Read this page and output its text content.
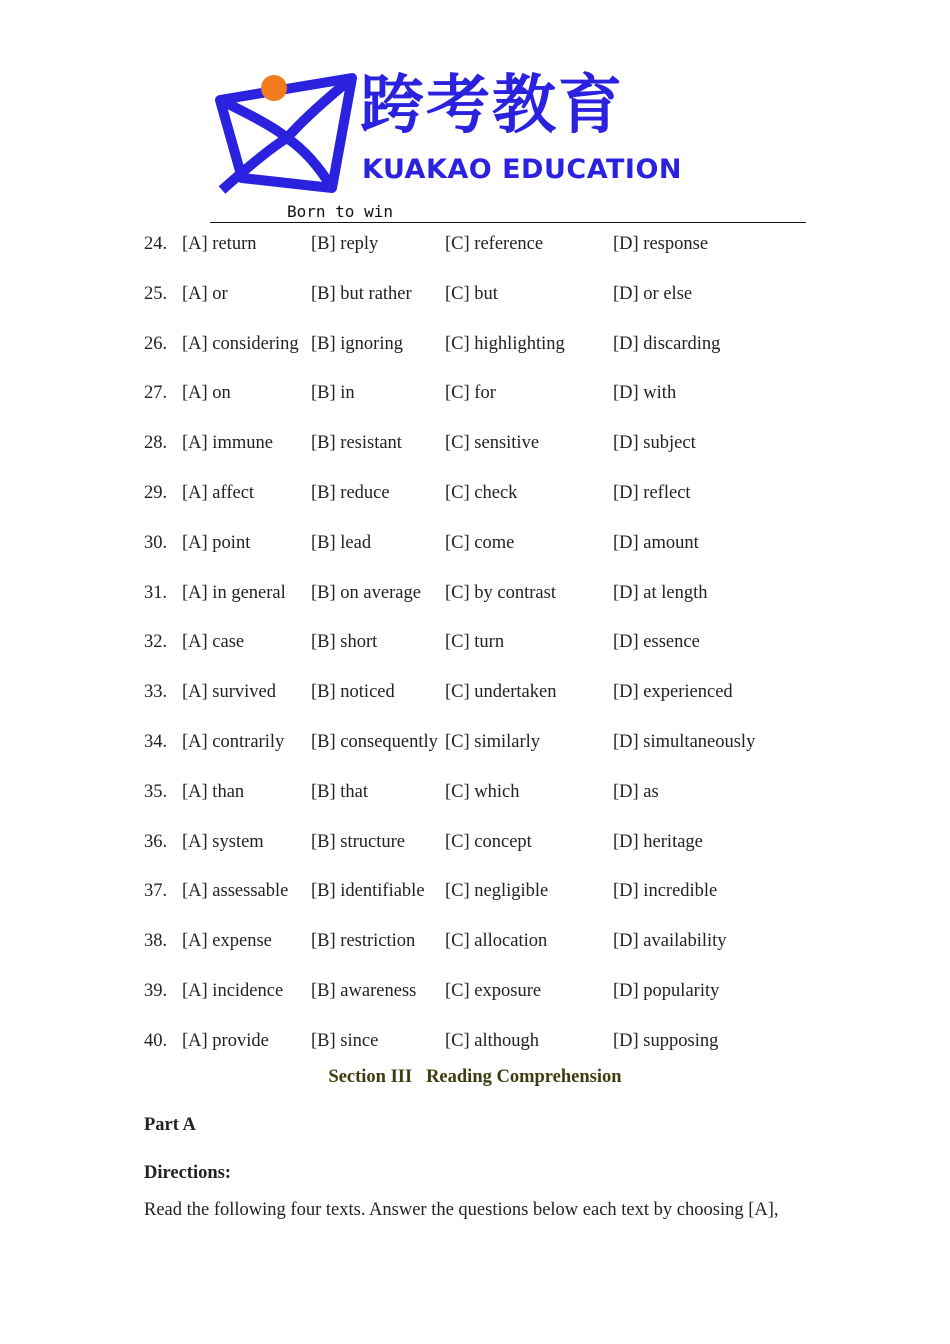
跨考教育
KUAKAO EDUCATION
Born to win
24. [A] return	[B] reply	[C] reference	[D] response
25. [A] or	[B] but rather [C] but	[D] or else
26. [A] considering [B] ignoring [C] highlighting	[D] discarding
27. [A] on	[B] in	[C] for	[D] with
28. [A] immune [B] resistant [C] sensitive	[D] subject
29. [A] affect	[B] reduce	[C] check	[D] reflect
30. [A] point	[B] lead	[C] come	[D] amount
31. [A] in general [B] on average [C] by contrast	[D] at length
32. [A] case	[B] short	[C] turn	[D] essence
33. [A] survived [B] noticed	[C] undertaken	[D] experienced
34. [A] contrarily [B] consequently [C] similarly	[D] simultaneously
35. [A] than	[B] that	[C] which	[D] as
36. [A] system	[B] structure [C] concept	[D] heritage
37. [A] assessable [B] identifiable [C] negligible	[D] incredible
38. [A] expense [B] restriction [C] allocation	[D] availability
39. [A] incidence [B] awareness [C] exposure	[D] popularity
40. [A] provide [B] since	[C] although	[D] supposing
Section III   Reading Comprehension
Part A
Directions:
Read the following four texts. Answer the questions below each text by choosing [A],
